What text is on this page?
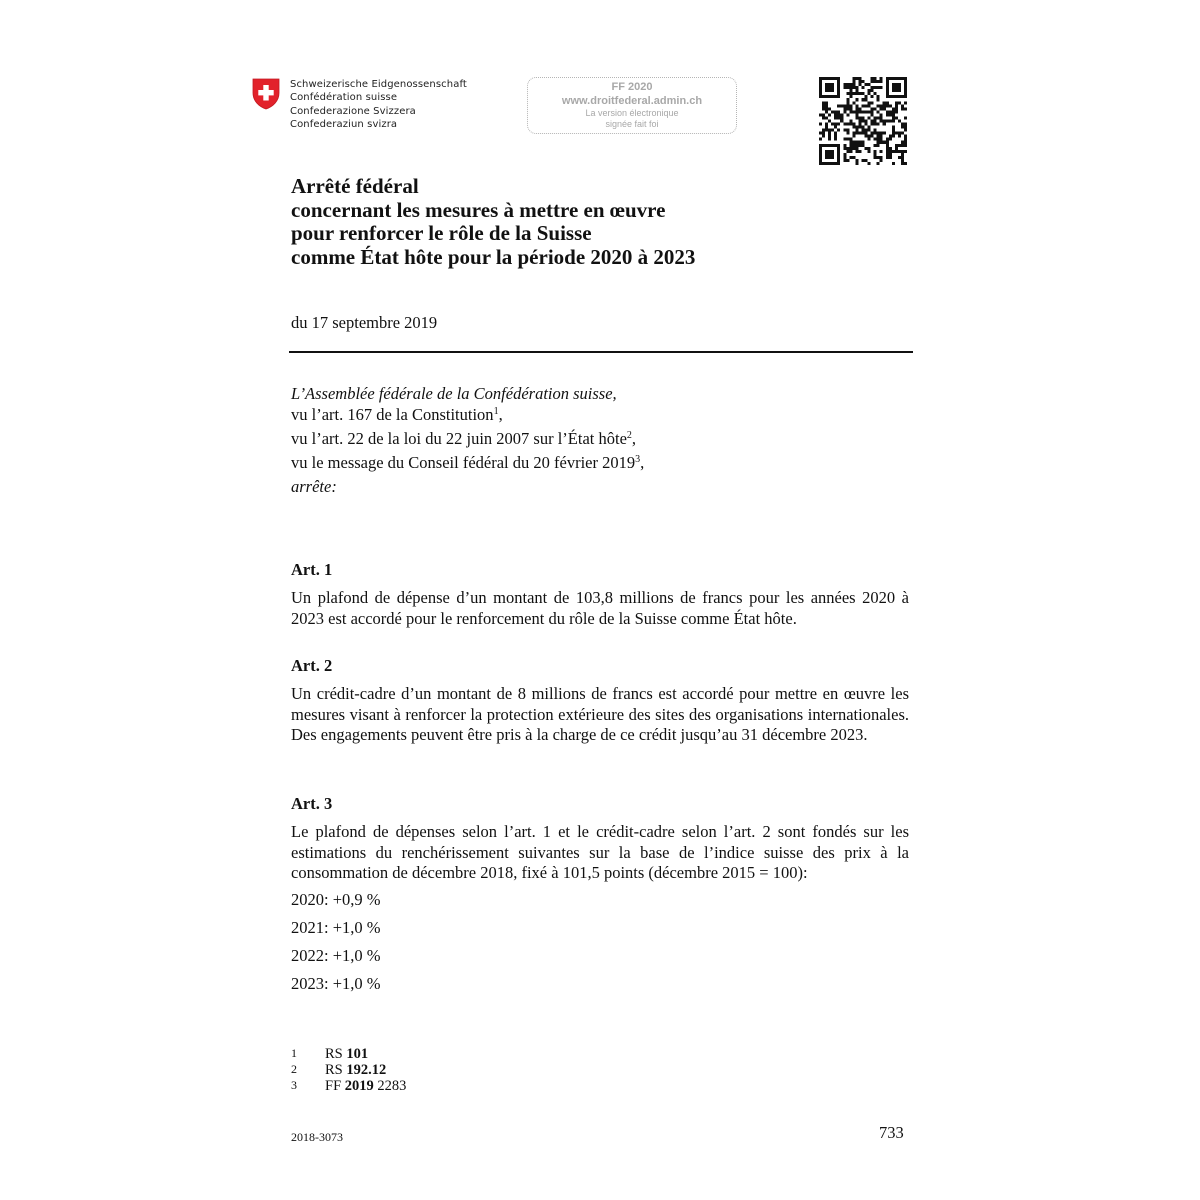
Schweizerische Eidgenossenschaft
Confédération suisse
Confederazione Svizzera
Confederaziun svizra
FF 2020
www.droitfederal.admin.ch
La version électronique
signée fait foi
Arrêté fédéral
concernant les mesures à mettre en œuvre
pour renforcer le rôle de la Suisse
comme État hôte pour la période 2020 à 2023
du 17 septembre 2019
L’Assemblée fédérale de la Confédération suisse,
vu l’art. 167 de la Constitution$^1$,
vu l’art. 22 de la loi du 22 juin 2007 sur l’État hôte$^2$,
vu le message du Conseil fédéral du 20 février 2019$^3$,
arrête:
Art. 1

Un plafond de dépense d’un montant de 103,8 millions de francs pour les années 2020 à 2023 est accordé pour le renforcement du rôle de la Suisse comme État hôte.

Art. 2

Un crédit-cadre d’un montant de 8 millions de francs est accordé pour mettre en œuvre les mesures visant à renforcer la protection extérieure des sites des organisations internationales. Des engagements peuvent être pris à la charge de ce crédit jusqu’au 31 décembre 2023.

Art. 3

Le plafond de dépenses selon l’art. 1 et le crédit-cadre selon l’art. 2 sont fondés sur les estimations du renchérissement suivantes sur la base de l’indice suisse des prix à la consommation de décembre 2018, fixé à 101,5 points (décembre 2015 = 100):

2020: +0,9 %
2021: +1,0 %
2022: +1,0 %
2023: +1,0 %
1 RS 101
2 RS 192.12
3 FF 2019 2283
2018-3073	733
